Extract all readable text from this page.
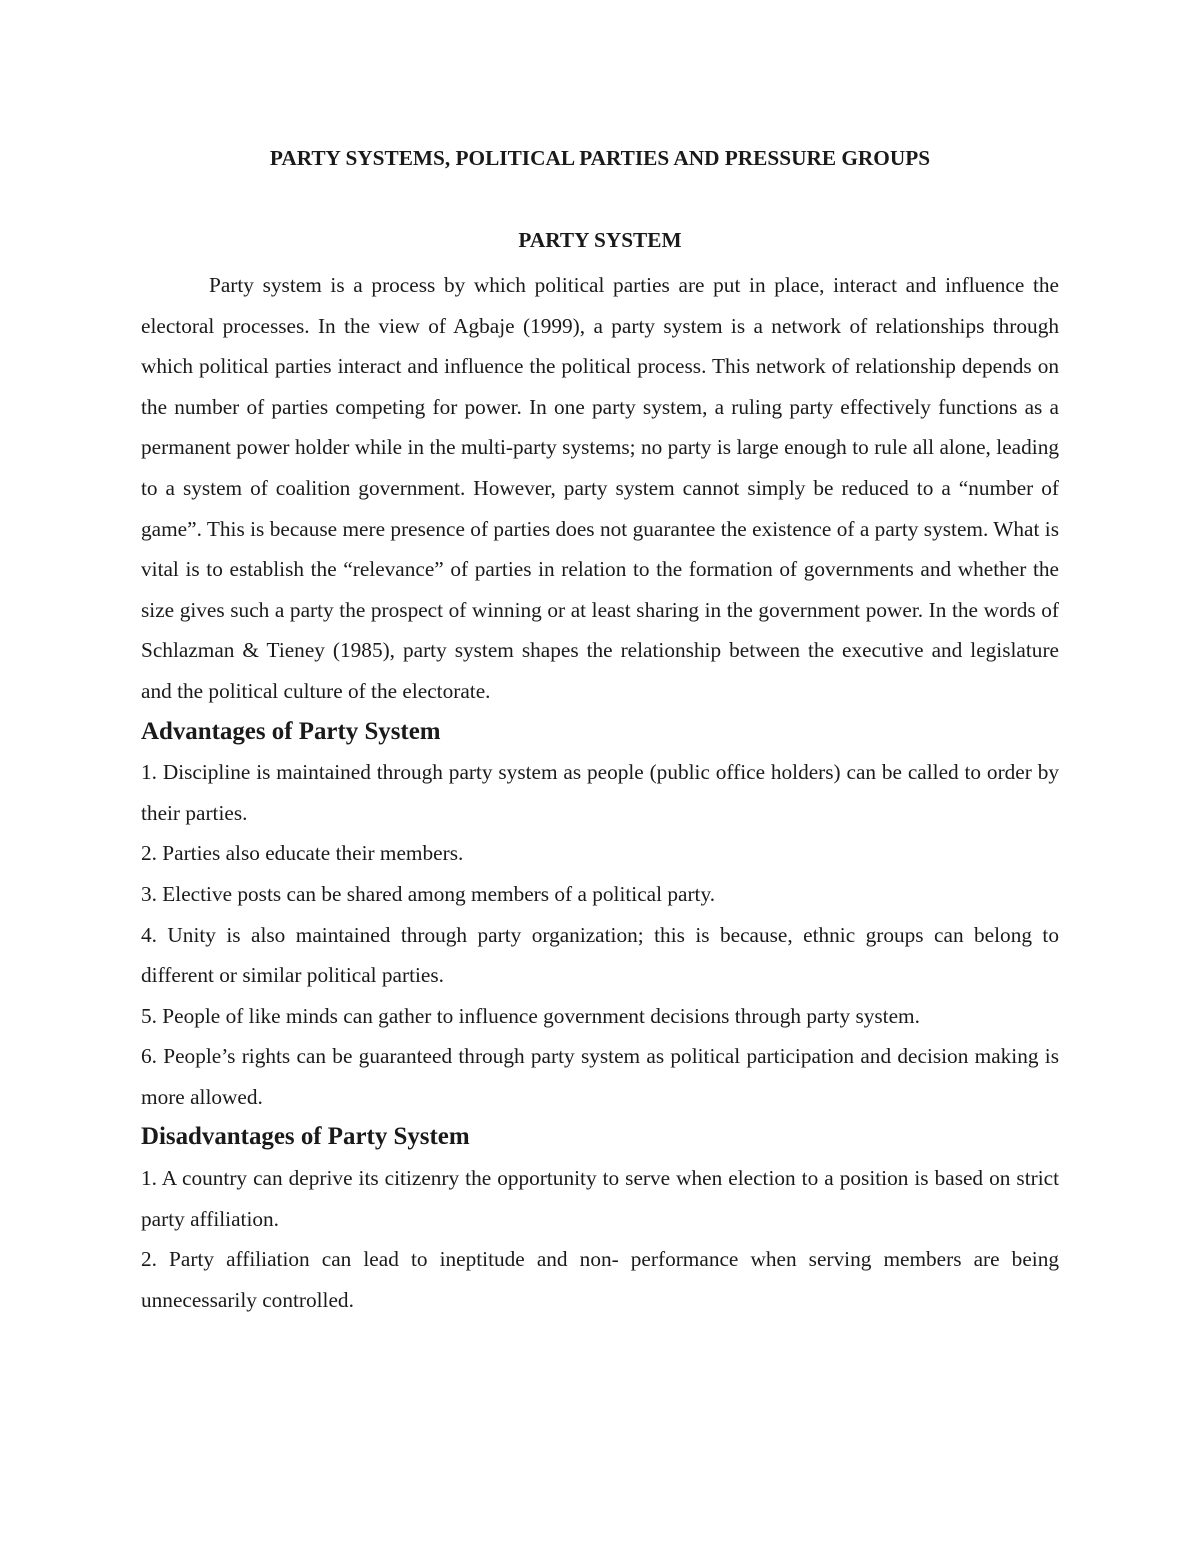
PARTY SYSTEMS, POLITICAL PARTIES AND PRESSURE GROUPS
PARTY SYSTEM

Party system is a process by which political parties are put in place, interact and influence the electoral processes. In the view of Agbaje (1999), a party system is a network of relationships through which political parties interact and influence the political process. This network of relationship depends on the number of parties competing for power. In one party system, a ruling party effectively functions as a permanent power holder while in the multi-party systems; no party is large enough to rule all alone, leading to a system of coalition government. However, party system cannot simply be reduced to a “number of game”. This is because mere presence of parties does not guarantee the existence of a party system. What is vital is to establish the “relevance” of parties in relation to the formation of governments and whether the size gives such a party the prospect of winning or at least sharing in the government power. In the words of Schlazman & Tieney (1985), party system shapes the relationship between the executive and legislature and the political culture of the electorate.

Advantages of Party System

1. Discipline is maintained through party system as people (public office holders) can be called to order by their parties.

2. Parties also educate their members.

3. Elective posts can be shared among members of a political party.

4. Unity is also maintained through party organization; this is because, ethnic groups can belong to different or similar political parties.

5. People of like minds can gather to influence government decisions through party system.

6. People’s rights can be guaranteed through party system as political participation and decision making is more allowed.

Disadvantages of Party System

1. A country can deprive its citizenry the opportunity to serve when election to a position is based on strict party affiliation.

2. Party affiliation can lead to ineptitude and non- performance when serving members are being unnecessarily controlled.
